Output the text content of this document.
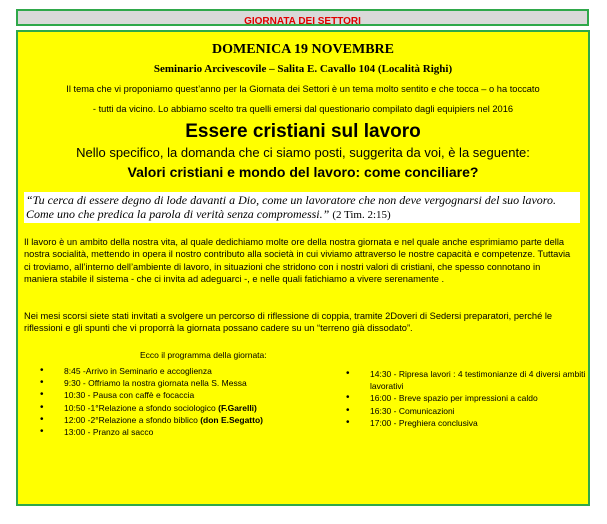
GIORNATA DEI SETTORI
DOMENICA 19 NOVEMBRE
Seminario Arcivescovile – Salita E. Cavallo 104 (Località Righi)
Il tema che vi proponiamo quest’anno per la Giornata dei Settori è un tema molto sentito e che tocca – o ha toccato
- tutti da vicino. Lo abbiamo scelto tra quelli emersi dal questionario compilato dagli equipiers nel 2016
Essere cristiani sul lavoro
Nello specifico, la domanda che ci siamo posti, suggerita da voi, è la seguente:
Valori cristiani e mondo del lavoro: come conciliare?
“Tu cerca di essere degno di lode davanti a Dio, come un lavoratore che non deve vergognarsi del suo lavoro. Come uno che predica la parola di verità senza compromessi.” (2 Tim. 2:15)
Il lavoro è un ambito della nostra vita, al quale dedichiamo molte ore della nostra giornata e nel quale anche esprimiamo parte della nostra socialità, mettendo in opera il nostro contributo alla società in cui viviamo attraverso le nostre capacità e competenze. Tuttavia ci troviamo, all’interno dell’ambiente di lavoro, in situazioni che stridono con i nostri valori di cristiani, che spesso connotano in maniera stabile il sistema - che ci invita ad adeguarci -, e nelle quali fatichiamo a vivere serenamente .
Nei mesi scorsi siete stati invitati a svolgere un percorso di riflessione di coppia, tramite 2Doveri di Sedersi preparatori, perché le riflessioni e gli spunti che vi proporrà la giornata possano cadere su un “terreno già dissodato”.
Ecco il programma della giornata:
• 8:45 -Arrivo in Seminario e accoglienza
• 9:30 - Offriamo la nostra giornata nella S. Messa
• 10:30 - Pausa con caffè e focaccia
• 10:50 -1°Relazione a sfondo sociologico (F.Garelli)
• 12:00 -2°Relazione a sfondo biblico (don E.Segatto)
• 13:00 - Pranzo al sacco
• 14:30 - Ripresa lavori : 4 testimonianze di 4 diversi ambiti lavorativi
• 16:00 - Breve spazio per impressioni a caldo
• 16:30 - Comunicazioni
• 17:00 - Preghiera conclusiva
